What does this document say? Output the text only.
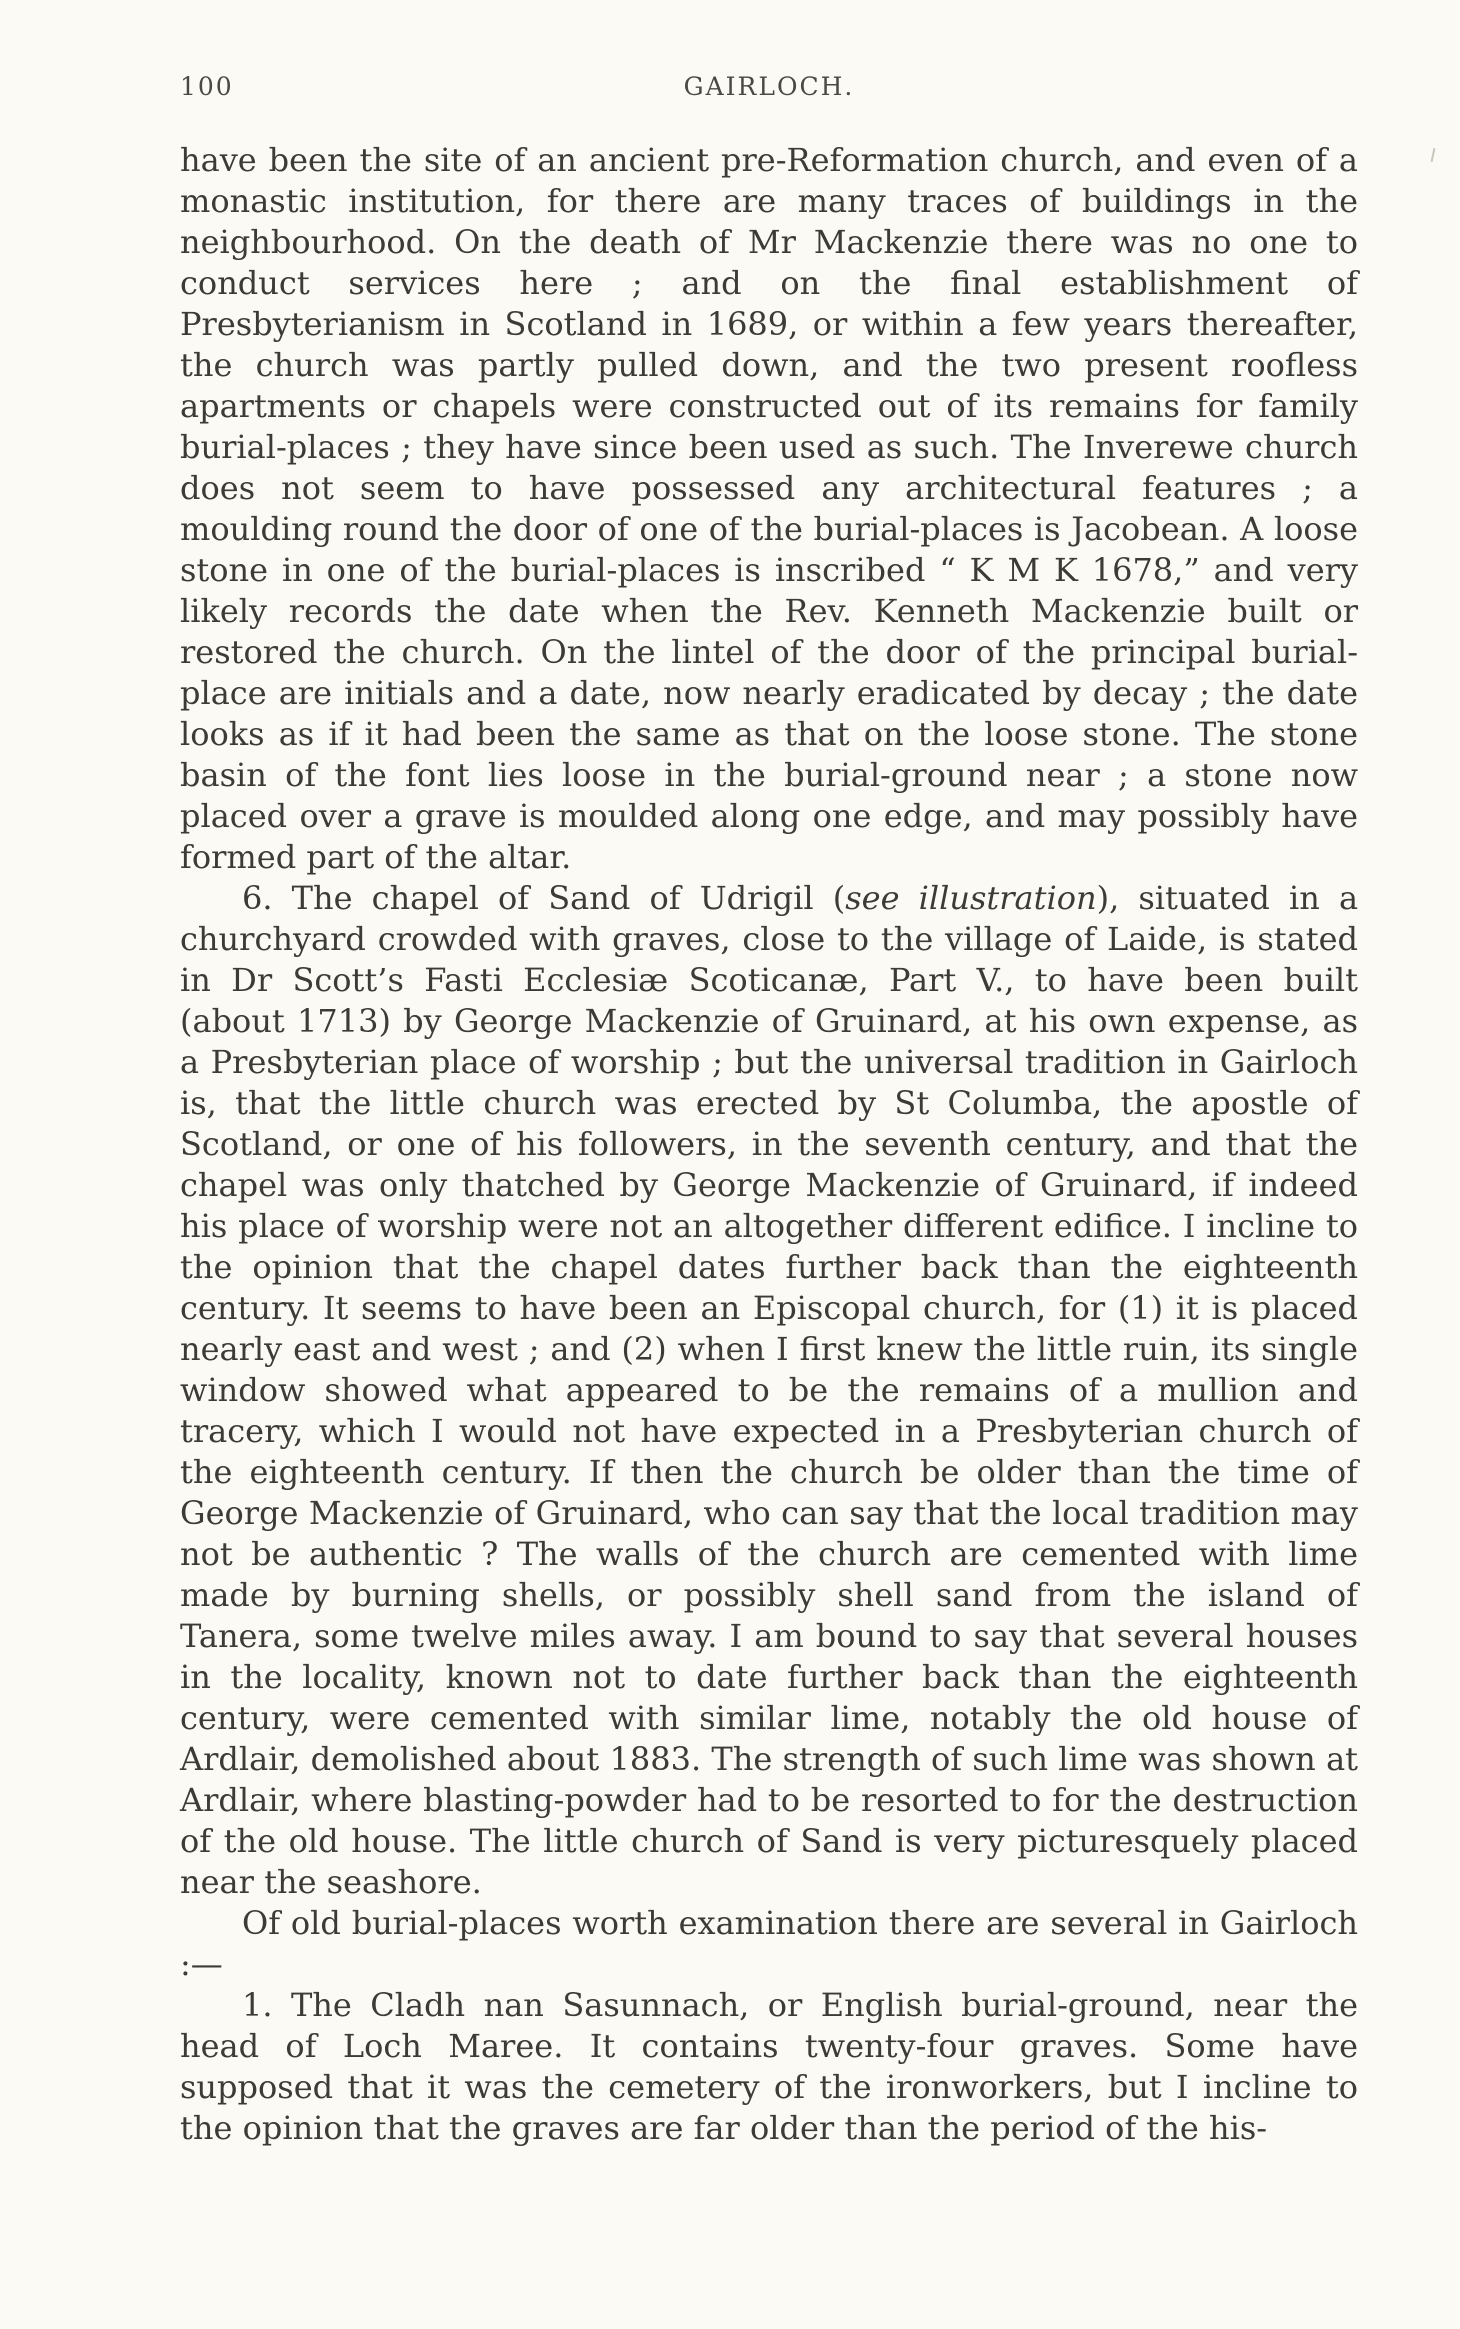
100	GAIRLOCH.

have been the site of an ancient pre-Reformation church, and even of a monastic institution, for there are many traces of buildings in the neighbourhood. On the death of Mr Mackenzie there was no one to conduct services here ; and on the final establishment of Presbyterianism in Scotland in 1689, or within a few years thereafter, the church was partly pulled down, and the two present roofless apartments or chapels were constructed out of its remains for family burial-places ; they have since been used as such. The Inverewe church does not seem to have possessed any architectural features ; a moulding round the door of one of the burial-places is Jacobean. A loose stone in one of the burial-places is inscribed “ K M K 1678,” and very likely records the date when the Rev. Kenneth Mackenzie built or restored the church. On the lintel of the door of the principal burial-place are initials and a date, now nearly eradicated by decay ; the date looks as if it had been the same as that on the loose stone. The stone basin of the font lies loose in the burial-ground near ; a stone now placed over a grave is moulded along one edge, and may possibly have formed part of the altar.

6. The chapel of Sand of Udrigil (see illustration), situated in a churchyard crowded with graves, close to the village of Laide, is stated in Dr Scott’s Fasti Ecclesiæ Scoticanæ, Part V., to have been built (about 1713) by George Mackenzie of Gruinard, at his own expense, as a Presbyterian place of worship ; but the universal tradition in Gairloch is, that the little church was erected by St Columba, the apostle of Scotland, or one of his followers, in the seventh century, and that the chapel was only thatched by George Mackenzie of Gruinard, if indeed his place of worship were not an altogether different edifice. I incline to the opinion that the chapel dates further back than the eighteenth century. It seems to have been an Episcopal church, for (1) it is placed nearly east and west ; and (2) when I first knew the little ruin, its single window showed what appeared to be the remains of a mullion and tracery, which I would not have expected in a Presbyterian church of the eighteenth century. If then the church be older than the time of George Mackenzie of Gruinard, who can say that the local tradition may not be authentic ? The walls of the church are cemented with lime made by burning shells, or possibly shell sand from the island of Tanera, some twelve miles away. I am bound to say that several houses in the locality, known not to date further back than the eighteenth century, were cemented with similar lime, notably the old house of Ardlair, demolished about 1883. The strength of such lime was shown at Ardlair, where blasting-powder had to be resorted to for the destruction of the old house. The little church of Sand is very picturesquely placed near the seashore.

Of old burial-places worth examination there are several in Gairloch :—

1. The Cladh nan Sasunnach, or English burial-ground, near the head of Loch Maree. It contains twenty-four graves. Some have supposed that it was the cemetery of the ironworkers, but I incline to the opinion that the graves are far older than the period of the his-
